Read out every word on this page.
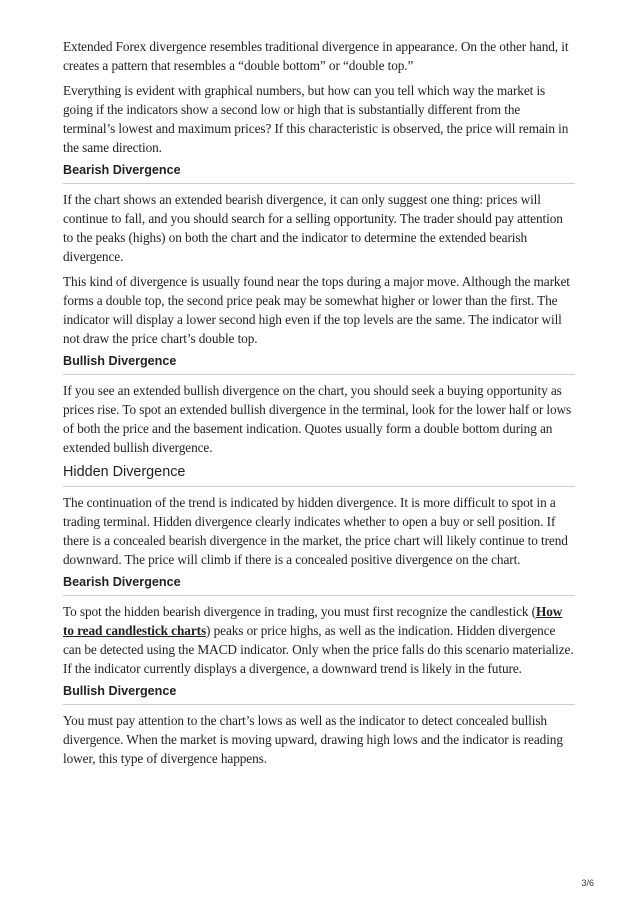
Extended Forex divergence resembles traditional divergence in appearance. On the other hand, it creates a pattern that resembles a “double bottom” or “double top.”

Everything is evident with graphical numbers, but how can you tell which way the market is going if the indicators show a second low or high that is substantially different from the terminal’s lowest and maximum prices? If this characteristic is observed, the price will remain in the same direction.

Bearish Divergence

If the chart shows an extended bearish divergence, it can only suggest one thing: prices will continue to fall, and you should search for a selling opportunity. The trader should pay attention to the peaks (highs) on both the chart and the indicator to determine the extended bearish divergence.

This kind of divergence is usually found near the tops during a major move. Although the market forms a double top, the second price peak may be somewhat higher or lower than the first. The indicator will display a lower second high even if the top levels are the same. The indicator will not draw the price chart’s double top.

Bullish Divergence

If you see an extended bullish divergence on the chart, you should seek a buying opportunity as prices rise. To spot an extended bullish divergence in the terminal, look for the lower half or lows of both the price and the basement indication. Quotes usually form a double bottom during an extended bullish divergence.

Hidden Divergence

The continuation of the trend is indicated by hidden divergence. It is more difficult to spot in a trading terminal. Hidden divergence clearly indicates whether to open a buy or sell position. If there is a concealed bearish divergence in the market, the price chart will likely continue to trend downward. The price will climb if there is a concealed positive divergence on the chart.

Bearish Divergence

To spot the hidden bearish divergence in trading, you must first recognize the candlestick (How to read candlestick charts) peaks or price highs, as well as the indication. Hidden divergence can be detected using the MACD indicator. Only when the price falls do this scenario materialize. If the indicator currently displays a divergence, a downward trend is likely in the future.

Bullish Divergence

You must pay attention to the chart’s lows as well as the indicator to detect concealed bullish divergence. When the market is moving upward, drawing high lows and the indicator is reading lower, this type of divergence happens.

3/6
